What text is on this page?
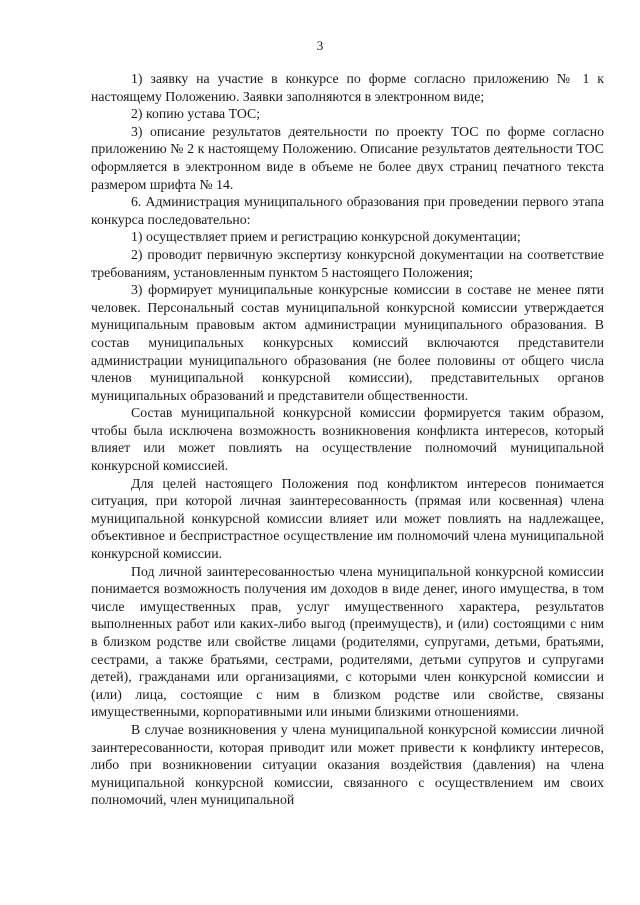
3

1) заявку на участие в конкурсе по форме согласно приложению № 1 к настоящему Положению. Заявки заполняются в электронном виде;

2) копию устава ТОС;

3) описание результатов деятельности по проекту ТОС по форме согласно приложению № 2 к настоящему Положению. Описание результатов деятельности ТОС оформляется в электронном виде в объеме не более двух страниц печатного текста размером шрифта № 14.

6. Администрация муниципального образования при проведении первого этапа конкурса последовательно:

1) осуществляет прием и регистрацию конкурсной документации;

2) проводит первичную экспертизу конкурсной документации на соответствие требованиям, установленным пунктом 5 настоящего Положения;

3) формирует муниципальные конкурсные комиссии в составе не менее пяти человек. Персональный состав муниципальной конкурсной комиссии утверждается муниципальным правовым актом администрации муниципального образования. В состав муниципальных конкурсных комиссий включаются представители администрации муниципального образования (не более половины от общего числа членов муниципальной конкурсной комиссии), представительных органов муниципальных образований и представители общественности.

Состав муниципальной конкурсной комиссии формируется таким образом, чтобы была исключена возможность возникновения конфликта интересов, который влияет или может повлиять на осуществление полномочий муниципальной конкурсной комиссией.

Для целей настоящего Положения под конфликтом интересов понимается ситуация, при которой личная заинтересованность (прямая или косвенная) члена муниципальной конкурсной комиссии влияет или может повлиять на надлежащее, объективное и беспристрастное осуществление им полномочий члена муниципальной конкурсной комиссии.

Под личной заинтересованностью члена муниципальной конкурсной комиссии понимается возможность получения им доходов в виде денег, иного имущества, в том числе имущественных прав, услуг имущественного характера, результатов выполненных работ или каких-либо выгод (преимуществ), и (или) состоящими с ним в близком родстве или свойстве лицами (родителями, супругами, детьми, братьями, сестрами, а также братьями, сестрами, родителями, детьми супругов и супругами детей), гражданами или организациями, с которыми член конкурсной комиссии и (или) лица, состоящие с ним в близком родстве или свойстве, связаны имущественными, корпоративными или иными близкими отношениями.

В случае возникновения у члена муниципальной конкурсной комиссии личной заинтересованности, которая приводит или может привести к конфликту интересов, либо при возникновении ситуации оказания воздействия (давления) на члена муниципальной конкурсной комиссии, связанного с осуществлением им своих полномочий, член муниципальной
